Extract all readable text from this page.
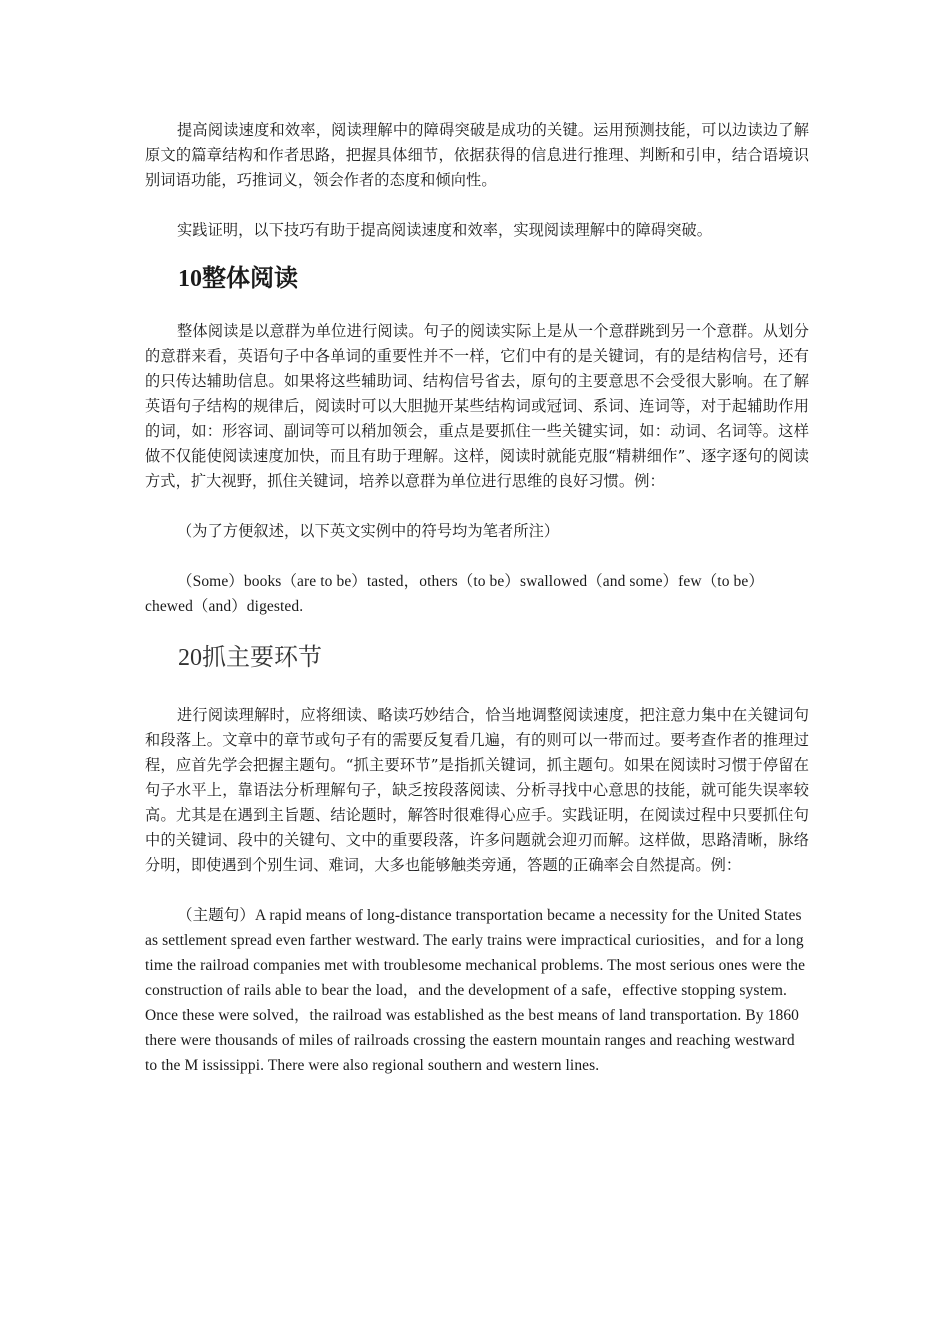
提高阅读速度和效率，阅读理解中的障碍突破是成功的关键。运用预测技能，可以边读边了解原文的篇章结构和作者思路，把握具体细节，依据获得的信息进行推理、判断和引申，结合语境识别词语功能，巧推词义，领会作者的态度和倾向性。

实践证明，以下技巧有助于提高阅读速度和效率，实现阅读理解中的障碍突破。

10整体阅读

整体阅读是以意群为单位进行阅读。句子的阅读实际上是从一个意群跳到另一个意群。从划分的意群来看，英语句子中各单词的重要性并不一样，它们中有的是关键词，有的是结构信号，还有的只传达辅助信息。如果将这些辅助词、结构信号省去，原句的主要意思不会受很大影响。在了解英语句子结构的规律后，阅读时可以大胆抛开某些结构词或冠词、系词、连词等，对于起辅助作用的词，如：形容词、副词等可以稍加领会，重点是要抓住一些关键实词，如：动词、名词等。这样做不仅能使阅读速度加快，而且有助于理解。这样，阅读时就能克服“精耕细作”、逐字逐句的阅读方式，扩大视野，抓住关键词，培养以意群为单位进行思维的良好习惯。例：

（为了方便叙述，以下英文实例中的符号均为笔者所注）

（Some）books（are to be）tasted，others（to be）swallowed（and some）few（to be）chewed（and）digested.

20抓主要环节

进行阅读理解时，应将细读、略读巧妙结合，恰当地调整阅读速度，把注意力集中在关键词句和段落上。文章中的章节或句子有的需要反复看几遍，有的则可以一带而过。要考查作者的推理过程，应首先学会把握主题句。“抓主要环节”是指抓关键词，抓主题句。如果在阅读时习惯于停留在句子水平上，靠语法分析理解句子，缺乏按段落阅读、分析寻找中心意思的技能，就可能失误率较高。尤其是在遇到主旨题、结论题时，解答时很难得心应手。实践证明，在阅读过程中只要抓住句中的关键词、段中的关键句、文中的重要段落，许多问题就会迎刃而解。这样做，思路清晰，脉络分明，即使遇到个别生词、难词，大多也能够触类旁通，答题的正确率会自然提高。例：

（主题句）A rapid means of long-distance transportation became a necessity for the United States as settlement spread even farther westward. The early trains were impractical curiosities，and for a long time the railroad companies met with troublesome mechanical problems. The most serious ones were the construction of rails able to bear the load，and the development of a safe，effective stopping system. Once these were solved，the railroad was established as the best means of land transportation. By 1860 there were thousands of miles of railroads crossing the eastern mountain ranges and reaching westward to the M ississippi. There were also regional southern and western lines.
